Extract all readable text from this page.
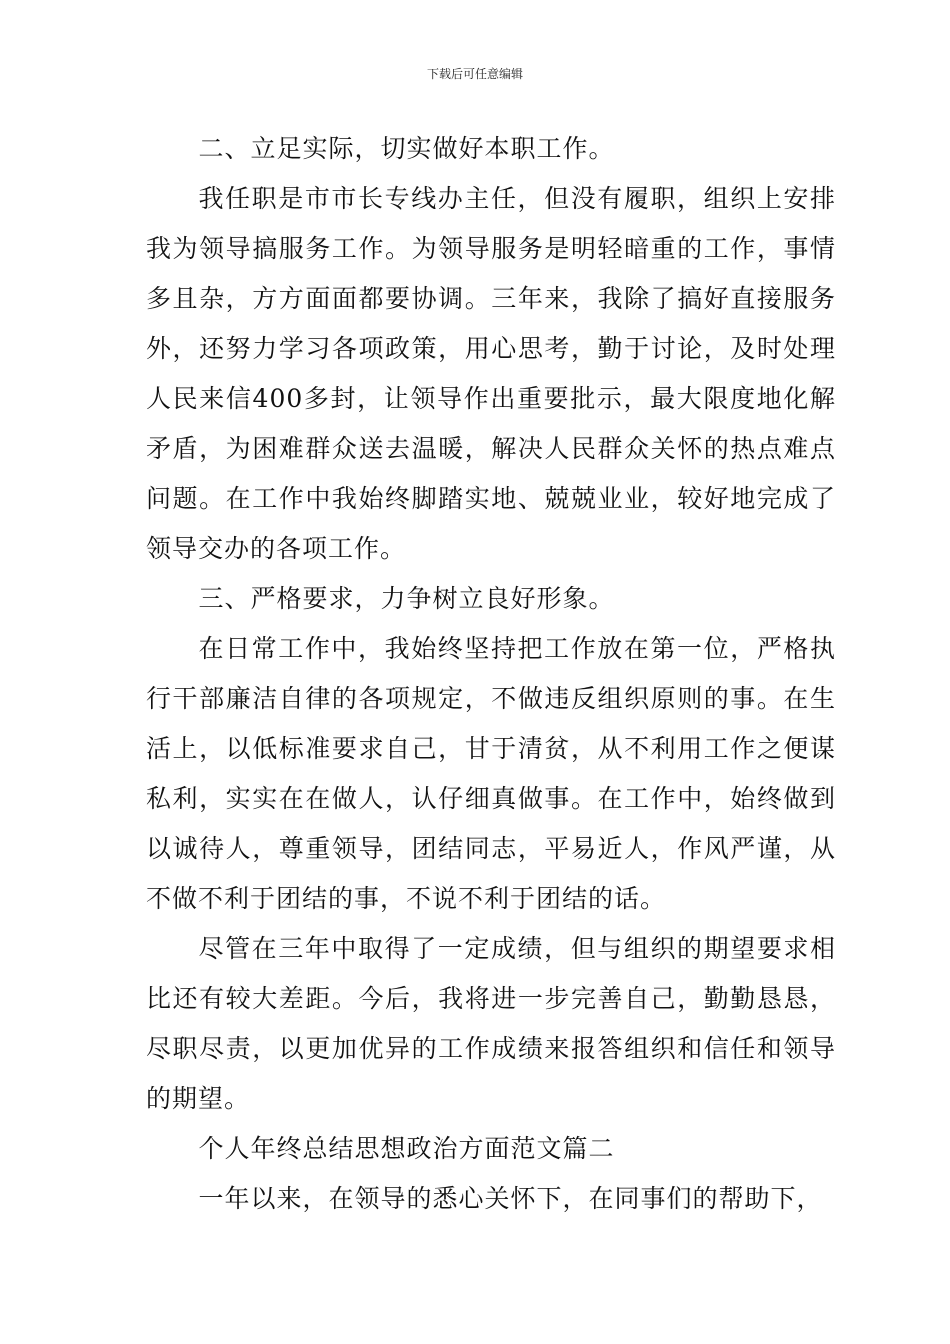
下载后可任意编辑

二、立足实际，切实做好本职工作。

我任职是市市长专线办主任，但没有履职，组织上安排我为领导搞服务工作。为领导服务是明轻暗重的工作，事情多且杂，方方面面都要协调。三年来，我除了搞好直接服务外，还努力学习各项政策，用心思考，勤于讨论，及时处理人民来信400多封，让领导作出重要批示，最大限度地化解矛盾，为困难群众送去温暖，解决人民群众关怀的热点难点问题。在工作中我始终脚踏实地、兢兢业业，较好地完成了领导交办的各项工作。

三、严格要求，力争树立良好形象。

在日常工作中，我始终坚持把工作放在第一位，严格执行干部廉洁自律的各项规定，不做违反组织原则的事。在生活上，以低标准要求自己，甘于清贫，从不利用工作之便谋私利，实实在在做人，认仔细真做事。在工作中，始终做到以诚待人，尊重领导，团结同志，平易近人，作风严谨，从不做不利于团结的事，不说不利于团结的话。

尽管在三年中取得了一定成绩，但与组织的期望要求相比还有较大差距。今后，我将进一步完善自己，勤勤恳恳，尽职尽责，以更加优异的工作成绩来报答组织和信任和领导的期望。

个人年终总结思想政治方面范文篇二

一年以来，在领导的悉心关怀下，在同事们的帮助下，
